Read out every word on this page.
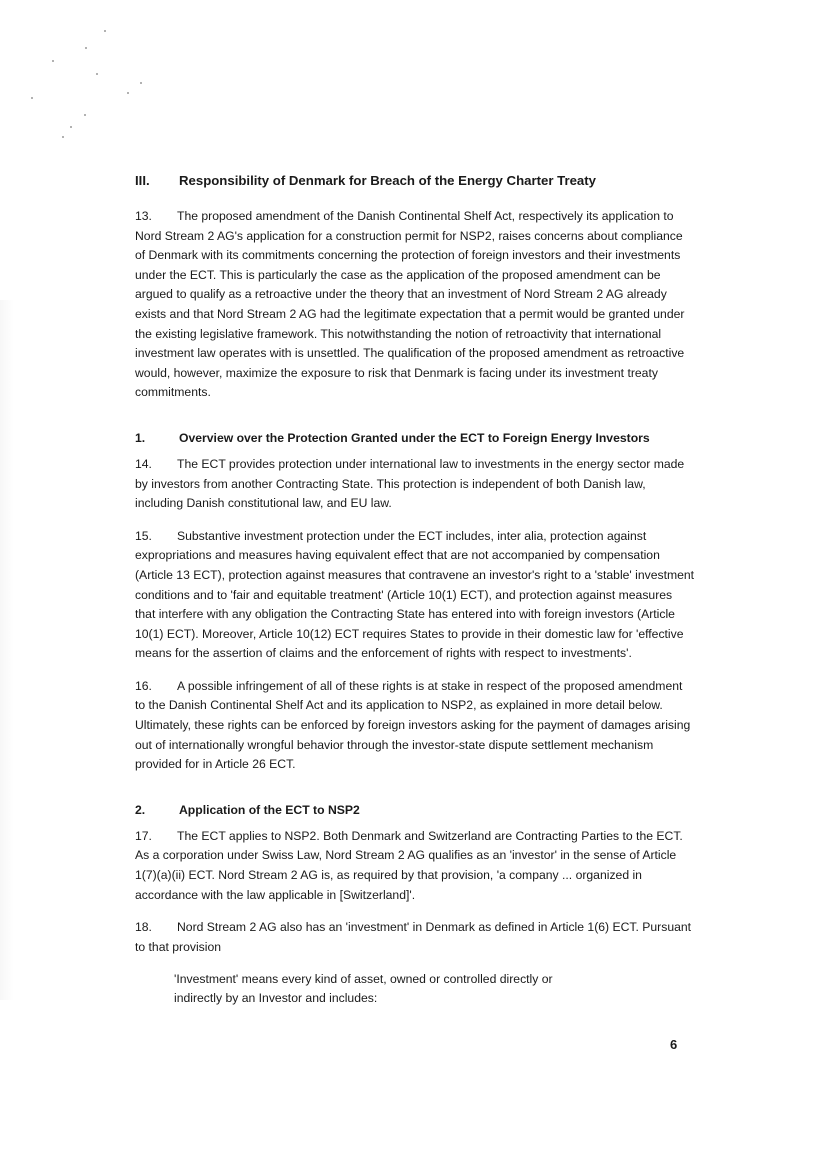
III.	Responsibility of Denmark for Breach of the Energy Charter Treaty

13. The proposed amendment of the Danish Continental Shelf Act, respectively its application to Nord Stream 2 AG's application for a construction permit for NSP2, raises concerns about compliance of Denmark with its commitments concerning the protection of foreign investors and their investments under the ECT. This is particularly the case as the application of the proposed amendment can be argued to qualify as a retroactive under the theory that an investment of Nord Stream 2 AG already exists and that Nord Stream 2 AG had the legitimate expectation that a permit would be granted under the existing legislative framework. This notwithstanding the notion of retroactivity that international investment law operates with is unsettled. The qualification of the proposed amendment as retroactive would, however, maximize the exposure to risk that Denmark is facing under its investment treaty commitments.

1.	Overview over the Protection Granted under the ECT to Foreign Energy Investors

14. The ECT provides protection under international law to investments in the energy sector made by investors from another Contracting State. This protection is independent of both Danish law, including Danish constitutional law, and EU law.

15. Substantive investment protection under the ECT includes, inter alia, protection against expropriations and measures having equivalent effect that are not accompanied by compensation (Article 13 ECT), protection against measures that contravene an investor's right to a 'stable' investment conditions and to 'fair and equitable treatment' (Article 10(1) ECT), and protection against measures that interfere with any obligation the Contracting State has entered into with foreign investors (Article 10(1) ECT). Moreover, Article 10(12) ECT requires States to provide in their domestic law for 'effective means for the assertion of claims and the enforcement of rights with respect to investments'.

16. A possible infringement of all of these rights is at stake in respect of the proposed amendment to the Danish Continental Shelf Act and its application to NSP2, as explained in more detail below. Ultimately, these rights can be enforced by foreign investors asking for the payment of damages arising out of internationally wrongful behavior through the investor-state dispute settlement mechanism provided for in Article 26 ECT.

2.	Application of the ECT to NSP2

17. The ECT applies to NSP2. Both Denmark and Switzerland are Contracting Parties to the ECT. As a corporation under Swiss Law, Nord Stream 2 AG qualifies as an 'investor' in the sense of Article 1(7)(a)(ii) ECT. Nord Stream 2 AG is, as required by that provision, 'a company ... organized in accordance with the law applicable in [Switzerland]'.

18. Nord Stream 2 AG also has an 'investment' in Denmark as defined in Article 1(6) ECT. Pursuant to that provision

'Investment' means every kind of asset, owned or controlled directly or indirectly by an Investor and includes:

6
